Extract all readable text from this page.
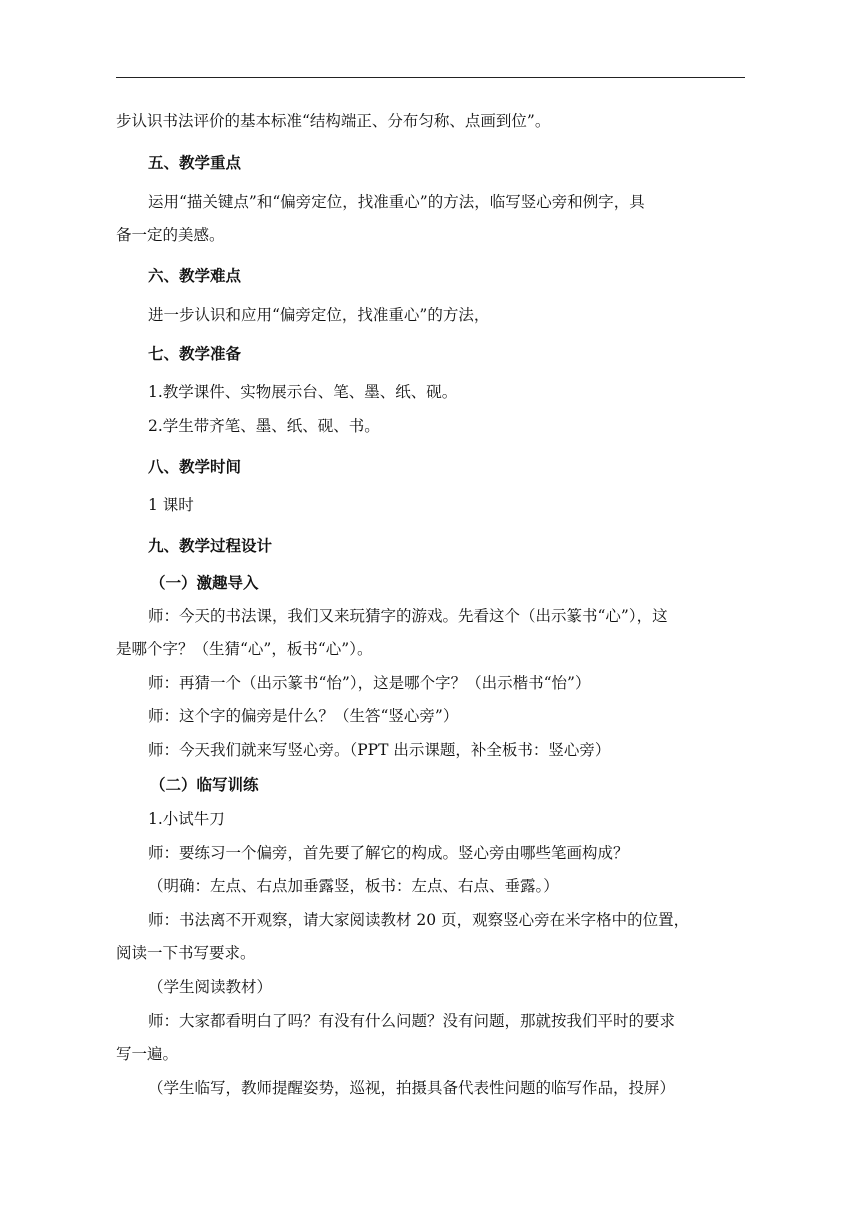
步认识书法评价的基本标准“结构端正、分布匀称、点画到位”。
五、教学重点
运用“描关键点”和“偏旁定位，找准重心”的方法，临写竖心旁和例字，具
备一定的美感。
六、教学难点
进一步认识和应用“偏旁定位，找准重心”的方法，
七、教学准备
1.教学课件、实物展示台、笔、墨、纸、砚。
2.学生带齐笔、墨、纸、砚、书。
八、教学时间
1 课时
九、教学过程设计
（一）激趣导入
师：今天的书法课，我们又来玩猜字的游戏。先看这个（出示篆书“心”），这
是哪个字？（生猜“心”，板书“心”）。
师：再猜一个（出示篆书“怡”），这是哪个字？（出示楷书“怡”）
师：这个字的偏旁是什么？（生答“竖心旁”）
师：今天我们就来写竖心旁。（PPT 出示课题，补全板书：竖心旁）
（二）临写训练
1.小试牛刀
师：要练习一个偏旁，首先要了解它的构成。竖心旁由哪些笔画构成？
（明确：左点、右点加垂露竖，板书：左点、右点、垂露。）
师：书法离不开观察，请大家阅读教材 20 页，观察竖心旁在米字格中的位置，
阅读一下书写要求。
（学生阅读教材）
师：大家都看明白了吗？有没有什么问题？没有问题，那就按我们平时的要求
写一遍。
（学生临写，教师提醒姿势，巡视，拍摄具备代表性问题的临写作品，投屏）
